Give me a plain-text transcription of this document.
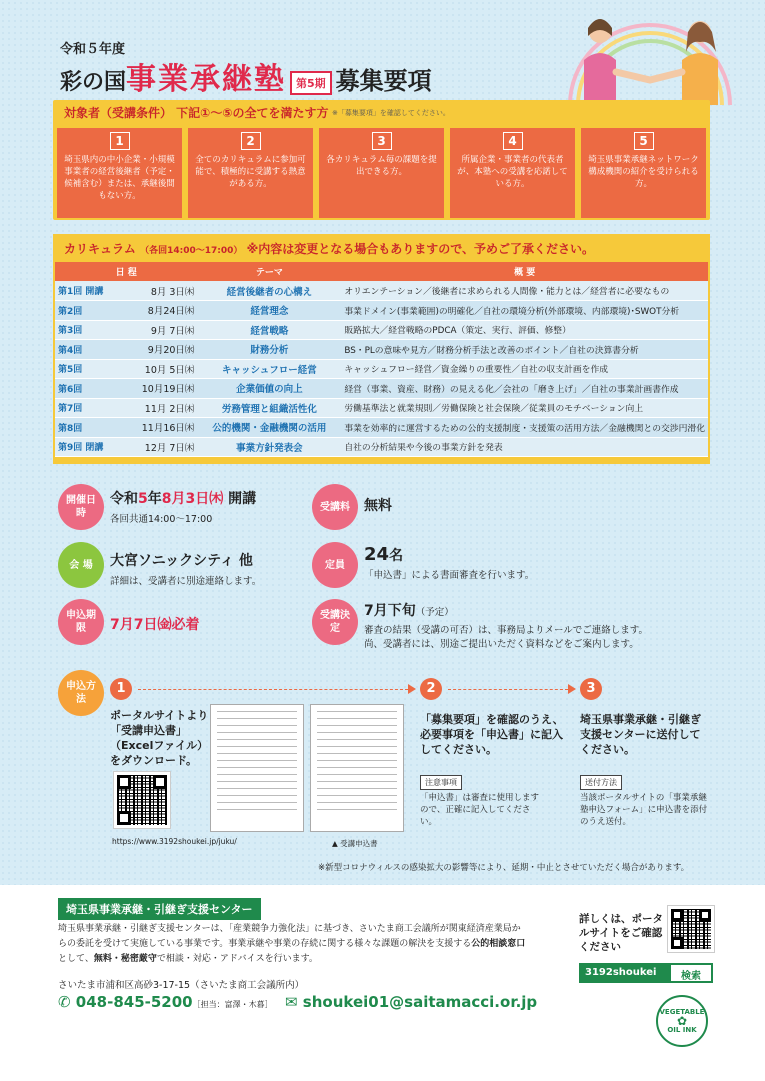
令和５年度
彩の国事業承継塾 第5期 募集要項
対象者（受講条件） 下記①〜⑤の全てを満たす方 ※「募集要項」を確認してください。
1
埼玉県内の中小企業・小規模事業者の経営後継者（予定・候補含む）または、承継後間もない方。
2
全てのカリキュラムに参加可能で、積極的に受講する熱意がある方。
3
各カリキュラム毎の課題を提出できる方。
4
所属企業・事業者の代表者が、本塾への受講を応諾している方。
5
埼玉県事業承継ネットワーク構成機関の紹介を受けられる方。
カリキュラム （各回14:00〜17:00） ※内容は変更となる場合もありますので、予めご了承ください。
日 程		テーマ	概 要
第1回 開講	8月 3日㈭	経営後継者の心構え	オリエンテーション／後継者に求められる人間像・能力とは／経営者に必要なもの
第2回	8月24日㈭	経営理念	事業ドメイン(事業範囲)の明確化／自社の環境分析(外部環境、内部環境)･SWOT分析
第3回	9月 7日㈭	経営戦略	販路拡大／経営戦略のPDCA（策定、実行、評価、修整）
第4回	9月20日㈬	財務分析	BS・PLの意味や見方／財務分析手法と改善のポイント／自社の決算書分析
第5回	10月 5日㈭	キャッシュフロー経営	キャッシュフロー経営／資金繰りの重要性／自社の収支計画を作成
第6回	10月19日㈭	企業価値の向上	経営（事業、資産、財務）の見える化／会社の「磨き上げ」／自社の事業計画書作成
第7回	11月 2日㈭	労務管理と組織活性化	労働基準法と就業規則／労働保険と社会保険／従業員のモチベーション向上
第8回	11月16日㈭	公的機関・金融機関の活用	事業を効率的に運営するための公的支援制度・支援策の活用方法／金融機関との交渉円滑化
第9回 閉講	12月 7日㈭	事業方針発表会	自社の分析結果や今後の事業方針を発表
開催日時
令和5年8月3日㈭ 開講
各回共通14:00〜17:00
受講料 無料
会 場 大宮ソニックシティ 他
詳細は、受講者に別途連絡します。
定員 24名
「申込書」による書面審査を行います。
申込期限	7月7日㈮必着
受講決定
7月下旬（予定）
審査の結果（受講の可否）は、事務局よりメールでご連絡します。
尚、受講者には、別途ご提出いただく資料などをご案内します。
申込方法
1	2	3
ポータルサイトより「受講申込書」（Excelファイル）をダウンロード。
https://www.3192shoukei.jp/juku/	▲ 受講申込書
「募集要項」を確認のうえ、必要事項を「申込書」に記入してください。
注意事項
「申込書」は審査に使用しますので、正確に記入してください。
埼玉県事業承継・引継ぎ支援センターに送付してください。
送付方法
当該ポータルサイトの「事業承継塾申込フォーム」に申込書を添付のうえ送付。
※新型コロナウィルスの感染拡大の影響等により、延期・中止とさせていただく場合があります。
埼玉県事業承継・引継ぎ支援センター
埼玉県事業承継・引継ぎ支援センターは、「産業競争力強化法」に基づき、さいたま商工会議所が関東経済産業局からの委託を受けて実施している事業です。事業承継や事業の存続に関する様々な課題の解決を支援する公的相談窓口として、無料・秘密厳守で相談・対応・アドバイスを行います。
さいたま市浦和区高砂3-17-15（さいたま商工会議所内）
✆ 048-845-5200［担当：富澤・木暮］ ✉ shoukei01@saitamacci.or.jp
詳しくは、ポータルサイトをご確認ください
3192shoukei	検索
VEGETABLE
✿
OIL INK
